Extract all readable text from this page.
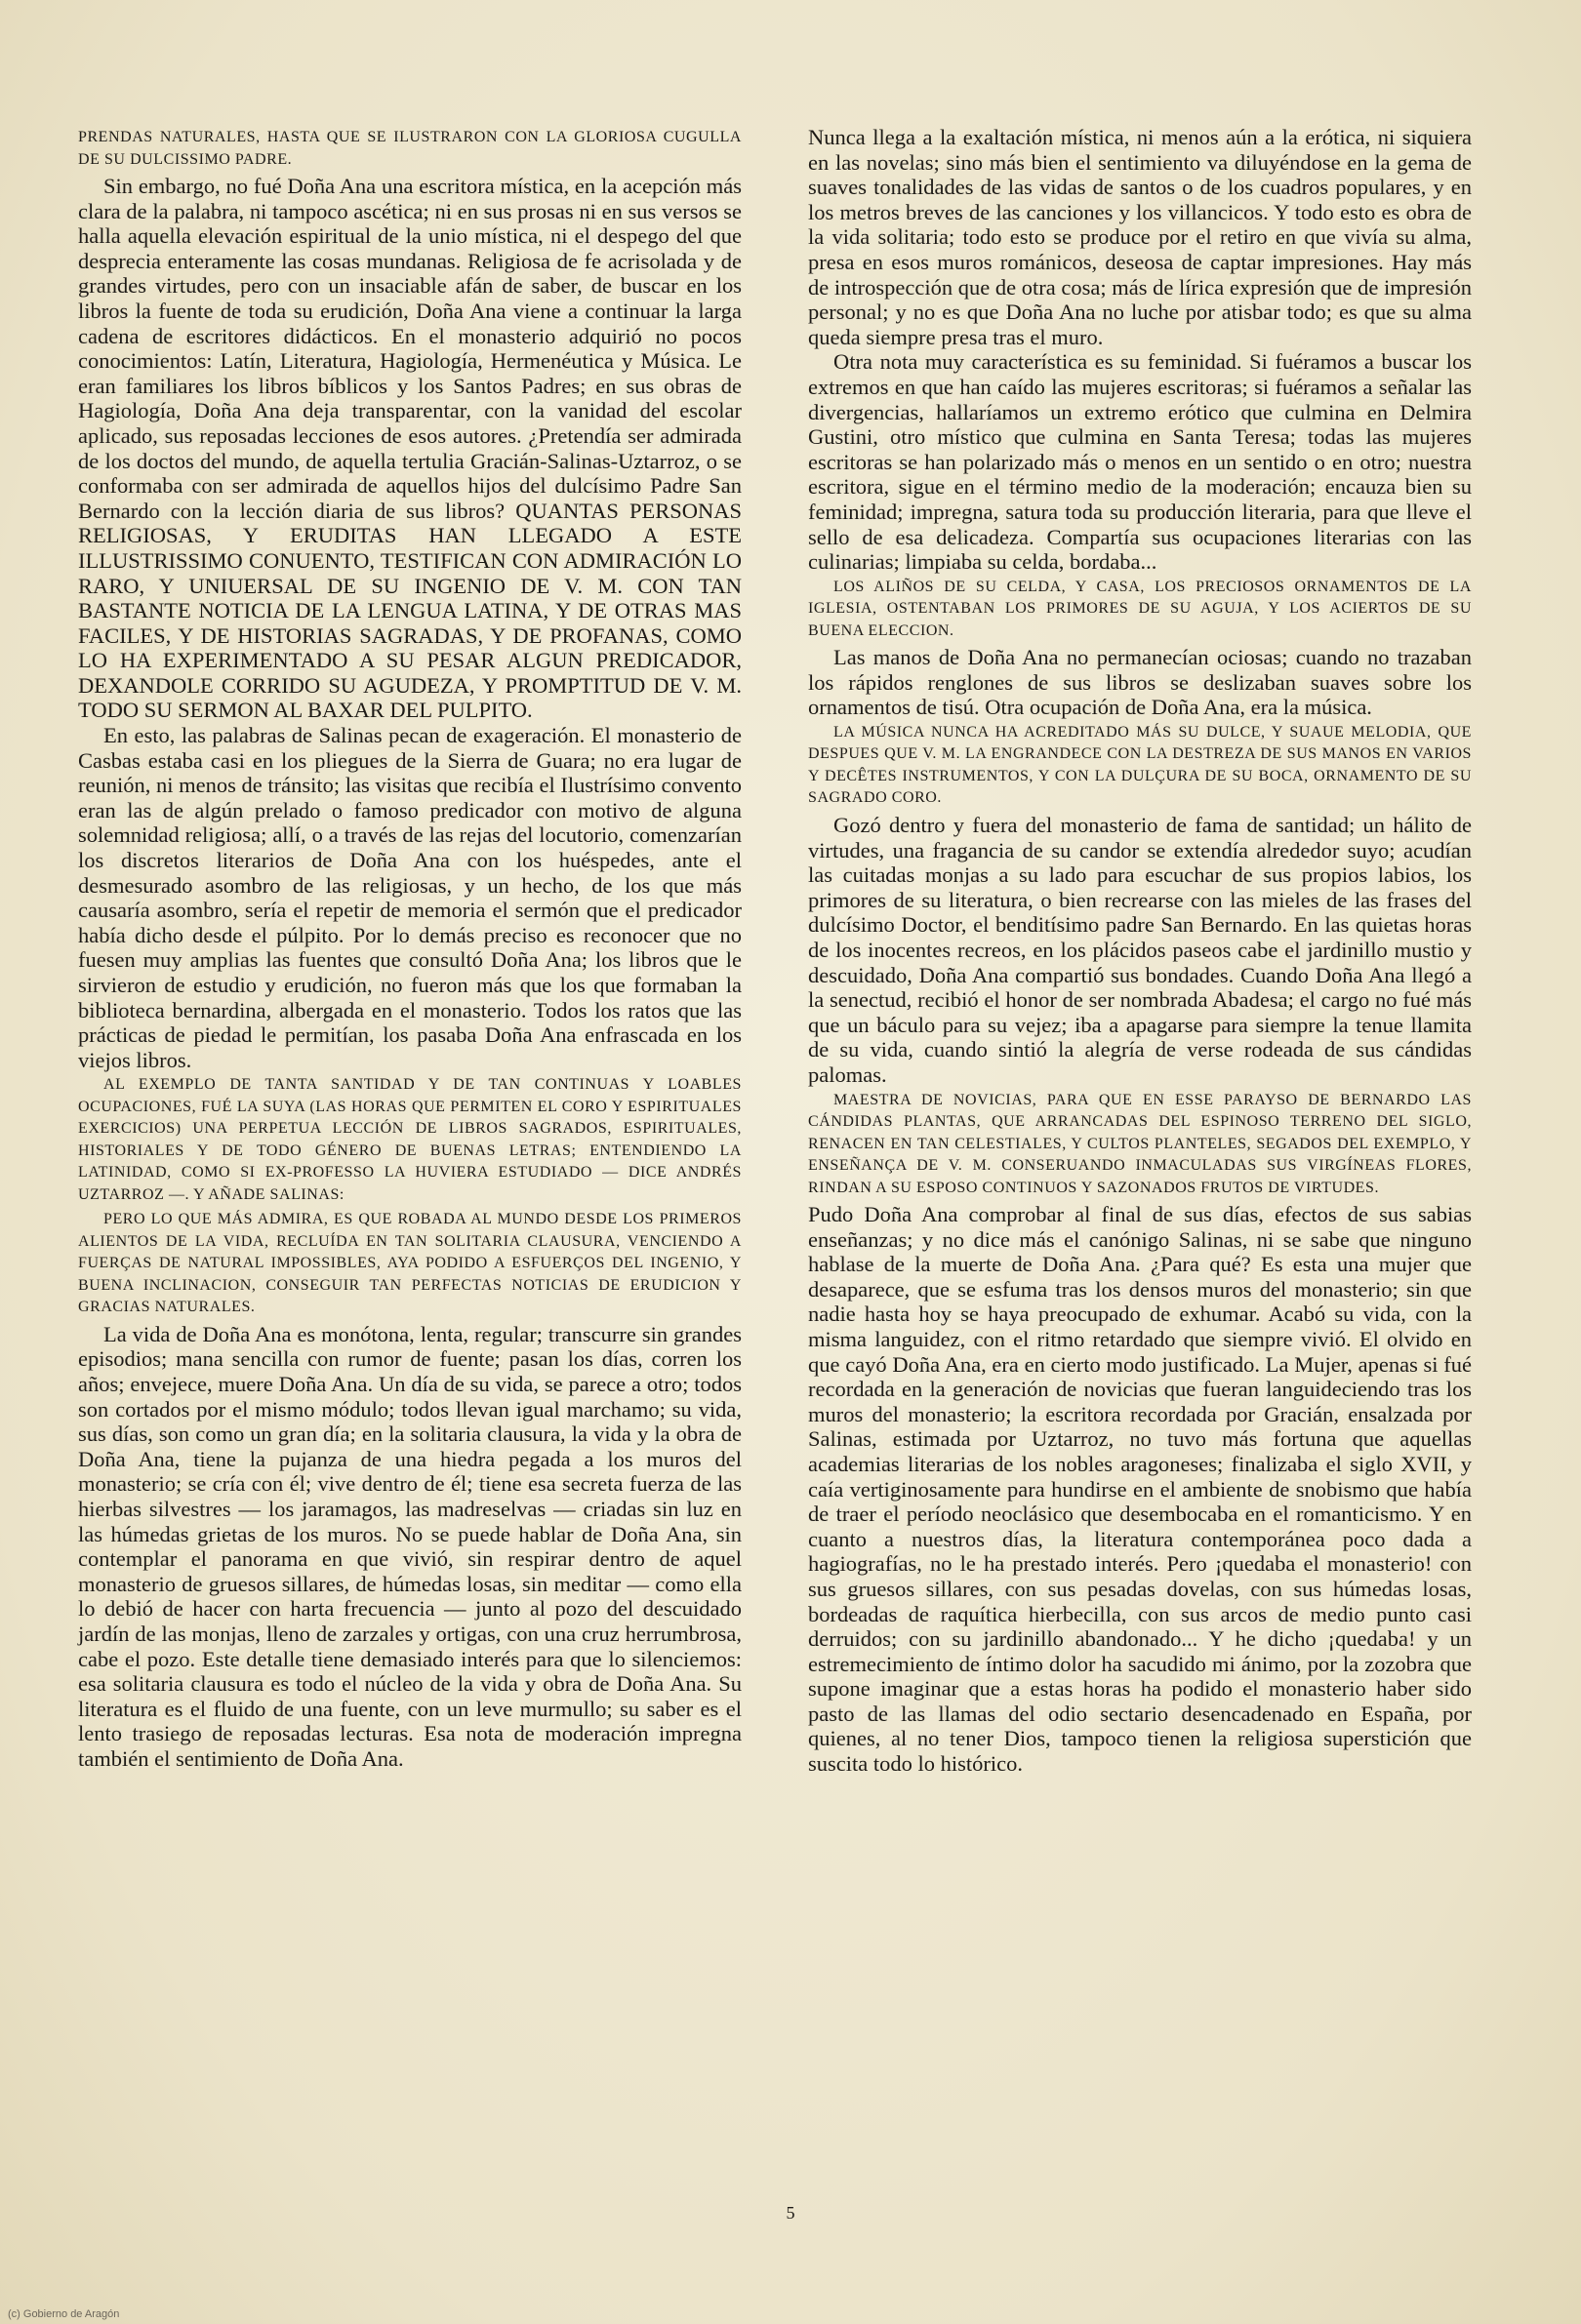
PRENDAS NATURALES, HASTA QUE SE ILUSTRARON CON LA GLORIOSA CUGULLA DE SU DULCISSIMO PADRE.

Sin embargo, no fué Doña Ana una escritora mística, en la acepción más clara de la palabra, ni tampoco ascética; ni en sus prosas ni en sus versos se halla aquella elevación espiritual de la unio mística, ni el despego del que desprecia enteramente las cosas mundanas. Religiosa de fe acrisolada y de grandes virtudes, pero con un insaciable afán de saber, de buscar en los libros la fuente de toda su erudición, Doña Ana viene a continuar la larga cadena de escritores didácticos. En el monasterio adquirió no pocos conocimientos: Latín, Literatura, Hagiología, Hermenéutica y Música. Le eran familiares los libros bíblicos y los Santos Padres; en sus obras de Hagiología, Doña Ana deja transparentar, con la vanidad del escolar aplicado, sus reposadas lecciones de esos autores. ¿Pretendía ser admirada de los doctos del mundo, de aquella tertulia Gracián-Salinas-Uztarroz, o se conformaba con ser admirada de aquellos hijos del dulcísimo Padre San Bernardo con la lección diaria de sus libros? QUANTAS PERSONAS RELIGIOSAS, Y ERUDITAS HAN LLEGADO A ESTE ILLUSTRISSIMO CONUENTO, TESTIFICAN CON ADMIRACIÓN LO RARO, Y UNIUERSAL DE SU INGENIO DE V. M. CON TAN BASTANTE NOTICIA DE LA LENGUA LATINA, Y DE OTRAS MAS FACILES, Y DE HISTORIAS SAGRADAS, Y DE PROFANAS, COMO LO HA EXPERIMENTADO A SU PESAR ALGUN PREDICADOR, DEXANDOLE CORRIDO SU AGUDEZA, Y PROMPTITUD DE V. M. TODO SU SERMON AL BAXAR DEL PULPITO.

En esto, las palabras de Salinas pecan de exageración. El monasterio de Casbas estaba casi en los pliegues de la Sierra de Guara; no era lugar de reunión, ni menos de tránsito; las visitas que recibía el Ilustrísimo convento eran las de algún prelado o famoso predicador con motivo de alguna solemnidad religiosa; allí, o a través de las rejas del locutorio, comenzarían los discretos literarios de Doña Ana con los huéspedes, ante el desmesurado asombro de las religiosas, y un hecho, de los que más causaría asombro, sería el repetir de memoria el sermón que el predicador había dicho desde el púlpito. Por lo demás preciso es reconocer que no fuesen muy amplias las fuentes que consultó Doña Ana; los libros que le sirvieron de estudio y erudición, no fueron más que los que formaban la biblioteca bernardina, albergada en el monasterio. Todos los ratos que las prácticas de piedad le permitían, los pasaba Doña Ana enfrascada en los viejos libros.

AL EXEMPLO DE TANTA SANTIDAD Y DE TAN CONTINUAS Y LOABLES OCUPACIONES, FUÉ LA SUYA (LAS HORAS QUE PERMITEN EL CORO Y ESPIRITUALES EXERCICIOS) UNA PERPETUA LECCIÓN DE LIBROS SAGRADOS, ESPIRITUALES, HISTORIALES Y DE TODO GÉNERO DE BUENAS LETRAS; ENTENDIENDO LA LATINIDAD, COMO SI EX-PROFESSO LA HUVIERA ESTUDIADO — DICE ANDRÉS UZTARROZ —. Y AÑADE SALINAS:

PERO LO QUE MÁS ADMIRA, ES QUE ROBADA AL MUNDO DESDE LOS PRIMEROS ALIENTOS DE LA VIDA, RECLUÍDA EN TAN SOLITARIA CLAUSURA, VENCIENDO A FUERÇAS DE NATURAL IMPOSSIBLES, AYA PODIDO A ESFUERÇOS DEL INGENIO, Y BUENA INCLINACION, CONSEGUIR TAN PERFECTAS NOTICIAS DE ERUDICION Y GRACIAS NATURALES.

La vida de Doña Ana es monótona, lenta, regular; transcurre sin grandes episodios; mana sencilla con rumor de fuente; pasan los días, corren los años; envejece, muere Doña Ana. Un día de su vida, se parece a otro; todos son cortados por el mismo módulo; todos llevan igual marchamo; su vida, sus días, son como un gran día; en la solitaria clausura, la vida y la obra de Doña Ana, tiene la pujanza de una hiedra pegada a los muros del monasterio; se cría con él; vive dentro de él; tiene esa secreta fuerza de las hierbas silvestres — los jaramagos, las madreselvas — criadas sin luz en las húmedas grietas de los muros. No se puede hablar de Doña Ana, sin contemplar el panorama en que vivió, sin respirar dentro de aquel monasterio de gruesos sillares, de húmedas losas, sin meditar — como ella lo debió de hacer con harta frecuencia — junto al pozo del descuidado jardín de las monjas, lleno de zarzales y ortigas, con una cruz herrumbrosa, cabe el pozo. Este detalle tiene demasiado interés para que lo silenciemos: esa solitaria clausura es todo el núcleo de la vida y obra de Doña Ana. Su literatura es el fluido de una fuente, con un leve murmullo; su saber es el lento trasiego de reposadas lecturas. Esa nota de moderación impregna también el sentimiento de Doña Ana.

Nunca llega a la exaltación mística, ni menos aún a la erótica, ni siquiera en las novelas; sino más bien el sentimiento va diluyéndose en la gema de suaves tonalidades de las vidas de santos o de los cuadros populares, y en los metros breves de las canciones y los villancicos. Y todo esto es obra de la vida solitaria; todo esto se produce por el retiro en que vivía su alma, presa en esos muros románicos, deseosa de captar impresiones. Hay más de introspección que de otra cosa; más de lírica expresión que de impresión personal; y no es que Doña Ana no luche por atisbar todo; es que su alma queda siempre presa tras el muro.

Otra nota muy característica es su feminidad. Si fuéramos a buscar los extremos en que han caído las mujeres escritoras; si fuéramos a señalar las divergencias, hallaríamos un extremo erótico que culmina en Delmira Gustini, otro místico que culmina en Santa Teresa; todas las mujeres escritoras se han polarizado más o menos en un sentido o en otro; nuestra escritora, sigue en el término medio de la moderación; encauza bien su feminidad; impregna, satura toda su producción literaria, para que lleve el sello de esa delicadeza. Compartía sus ocupaciones literarias con las culinarias; limpiaba su celda, bordaba...

LOS ALIÑOS DE SU CELDA, Y CASA, LOS PRECIOSOS ORNAMENTOS DE LA IGLESIA, OSTENTABAN LOS PRIMORES DE SU AGUJA, Y LOS ACIERTOS DE SU BUENA ELECCION.

Las manos de Doña Ana no permanecían ociosas; cuando no trazaban los rápidos renglones de sus libros se deslizaban suaves sobre los ornamentos de tisú. Otra ocupación de Doña Ana, era la música.

LA MÚSICA NUNCA HA ACREDITADO MÁS SU DULCE, Y SUAUE MELODIA, QUE DESPUES QUE V. M. LA ENGRANDECE CON LA DESTREZA DE SUS MANOS EN VARIOS Y DECÊTES INSTRUMENTOS, Y CON LA DULÇURA DE SU BOCA, ORNAMENTO DE SU SAGRADO CORO.

Gozó dentro y fuera del monasterio de fama de santidad; un hálito de virtudes, una fragancia de su candor se extendía alrededor suyo; acudían las cuitadas monjas a su lado para escuchar de sus propios labios, los primores de su literatura, o bien recrearse con las mieles de las frases del dulcísimo Doctor, el benditísimo padre San Bernardo. En las quietas horas de los inocentes recreos, en los plácidos paseos cabe el jardinillo mustio y descuidado, Doña Ana compartió sus bondades. Cuando Doña Ana llegó a la senectud, recibió el honor de ser nombrada Abadesa; el cargo no fué más que un báculo para su vejez; iba a apagarse para siempre la tenue llamita de su vida, cuando sintió la alegría de verse rodeada de sus cándidas palomas.

MAESTRA DE NOVICIAS, PARA QUE EN ESSE PARAYSO DE BERNARDO LAS CÁNDIDAS PLANTAS, QUE ARRANCADAS DEL ESPINOSO TERRENO DEL SIGLO, RENACEN EN TAN CELESTIALES, Y CULTOS PLANTELES, SEGADOS DEL EXEMPLO, Y ENSEÑANÇA DE V. M. CONSERUANDO INMACULADAS SUS VIRGÍNEAS FLORES, RINDAN A SU ESPOSO CONTINUOS Y SAZONADOS FRUTOS DE VIRTUDES.

Pudo Doña Ana comprobar al final de sus días, efectos de sus sabias enseñanzas; y no dice más el canónigo Salinas, ni se sabe que ninguno hablase de la muerte de Doña Ana. ¿Para qué? Es esta una mujer que desaparece, que se esfuma tras los densos muros del monasterio; sin que nadie hasta hoy se haya preocupado de exhumar. Acabó su vida, con la misma languidez, con el ritmo retardado que siempre vivió. El olvido en que cayó Doña Ana, era en cierto modo justificado. La Mujer, apenas si fué recordada en la generación de novicias que fueran languideciendo tras los muros del monasterio; la escritora recordada por Gracián, ensalzada por Salinas, estimada por Uztarroz, no tuvo más fortuna que aquellas academias literarias de los nobles aragoneses; finalizaba el siglo XVII, y caía vertiginosamente para hundirse en el ambiente de snobismo que había de traer el período neoclásico que desembocaba en el romanticismo. Y en cuanto a nuestros días, la literatura contemporánea poco dada a hagiografías, no le ha prestado interés. Pero ¡quedaba el monasterio! con sus gruesos sillares, con sus pesadas dovelas, con sus húmedas losas, bordeadas de raquítica hierbecilla, con sus arcos de medio punto casi derruidos; con su jardinillo abandonado... Y he dicho ¡quedaba! y un estremecimiento de íntimo dolor ha sacudido mi ánimo, por la zozobra que supone imaginar que a estas horas ha podido el monasterio haber sido pasto de las llamas del odio sectario desencadenado en España, por quienes, al no tener Dios, tampoco tienen la religiosa superstición que suscita todo lo histórico.

5
(c) Gobierno de Aragón
